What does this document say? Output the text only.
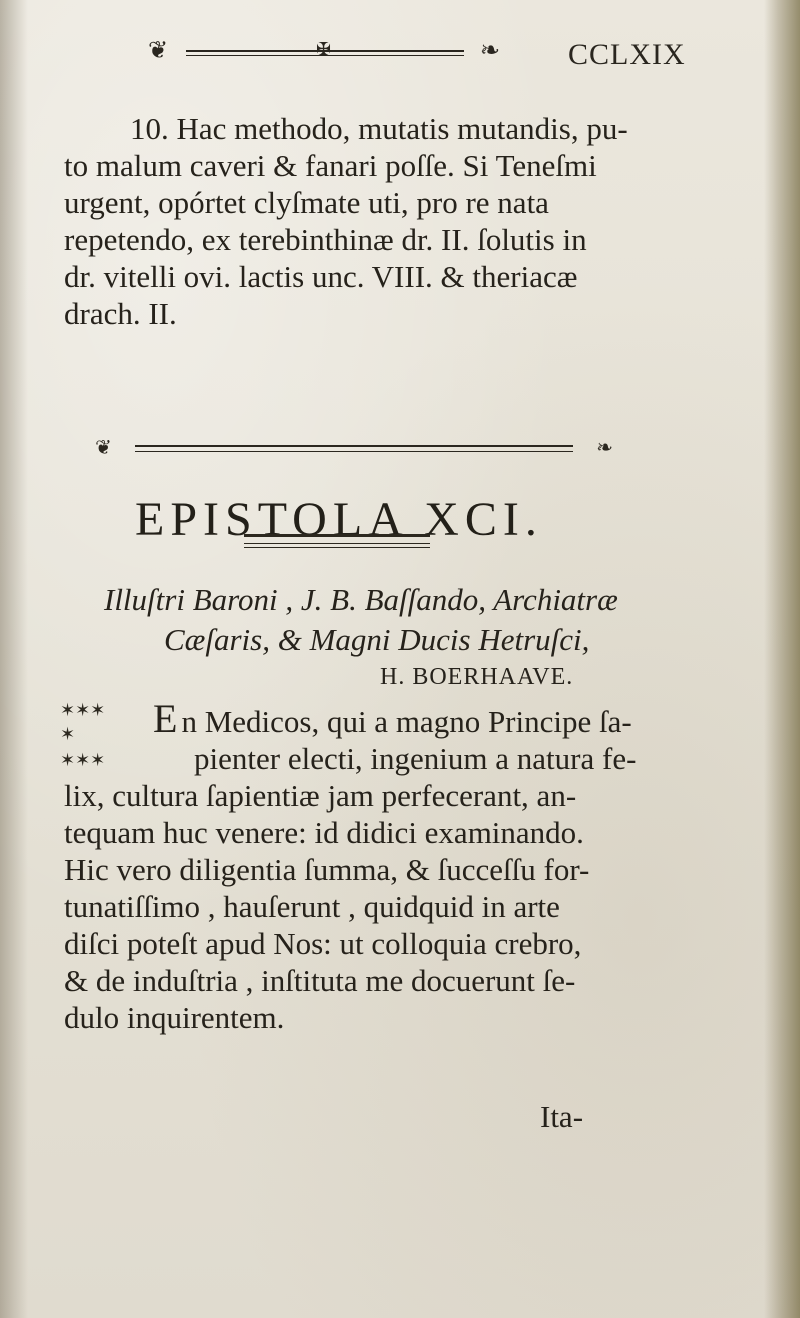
❦	✠	❧ CCLXIX
10. Hac methodo, mutatis mutandis, pu-
to malum caveri & fanari poſſe. Si Teneſmi
urgent, opórtet clyſmate uti, pro re nata
repetendo, ex terebinthinæ dr. II. ſolutis in
dr. vitelli ovi. lactis unc. VIII. & theriacæ
drach. II.
❦	❧
EPISTOLA XCI.
Illuſtri Baroni , J. B. Baſſando, Archiatræ
Cæſaris, & Magni Ducis Hetruſci,
H. BOERHAAVE.
✶✶✶
✶
✶✶✶
E n Medicos, qui a magno Principe ſa-
pienter electi, ingenium a natura fe-
lix, cultura ſapientiæ jam perfecerant, an-
tequam huc venere: id didici examinando.
Hic vero diligentia ſumma, & ſucceſſu for-
tunatiſſimo , hauſerunt , quidquid in arte
diſci poteſt apud Nos: ut colloquia crebro,
& de induſtria , inſtituta me docuerunt ſe-
dulo inquirentem.
Ita-
